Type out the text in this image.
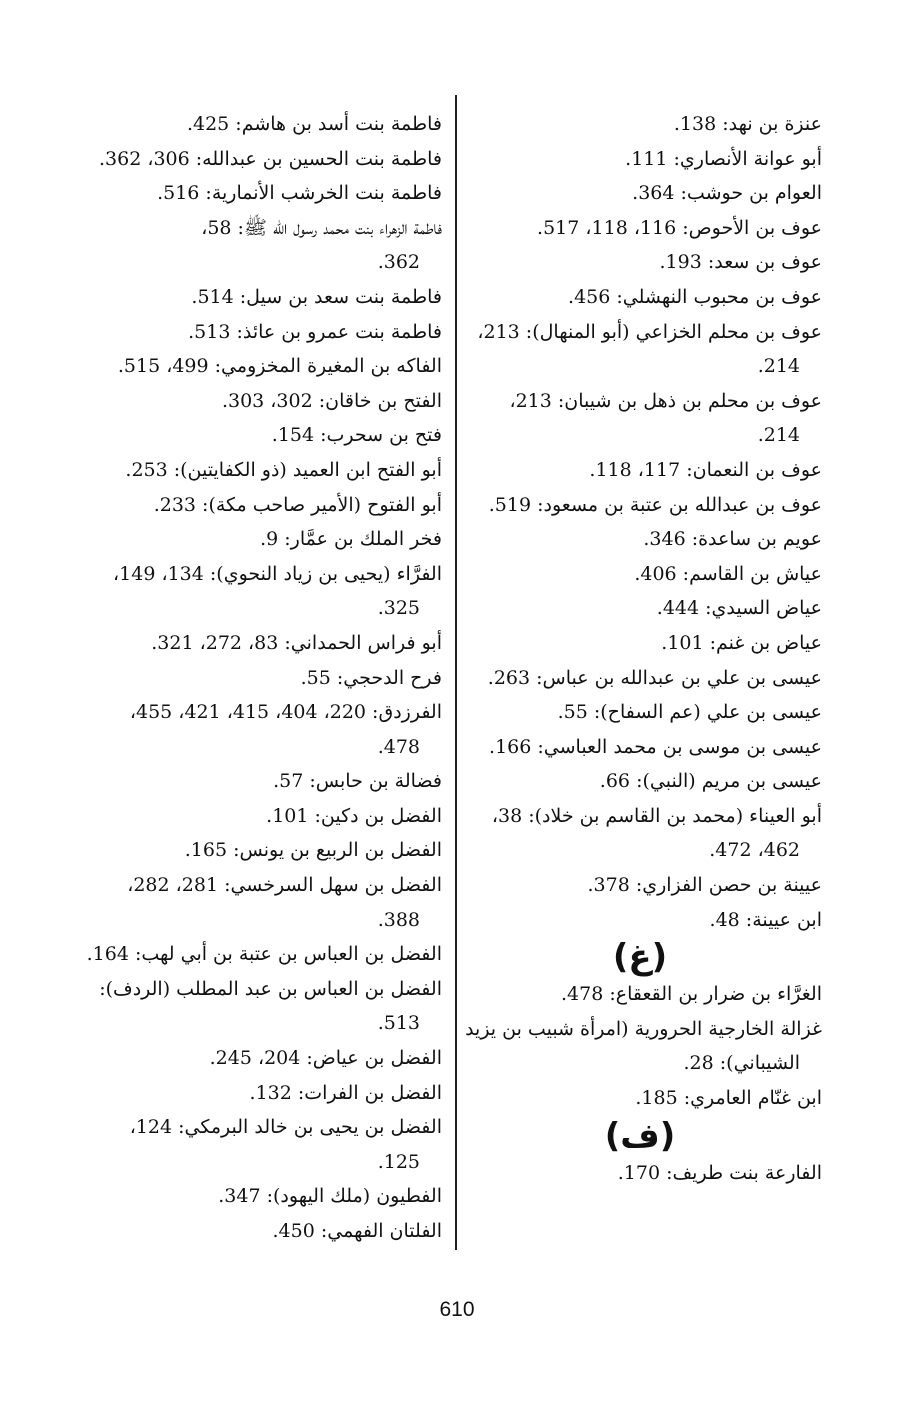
عنزة بن نهد: 138.
أبو عوانة الأنصاري: 111.
العوام بن حوشب: 364.
عوف بن الأحوص: 116، 118، 517.
عوف بن سعد: 193.
عوف بن محبوب النهشلي: 456.
عوف بن محلم الخزاعي (أبو المنهال): 213،
214.
عوف بن محلم بن ذهل بن شيبان: 213،
214.
عوف بن النعمان: 117، 118.
عوف بن عبدالله بن عتبة بن مسعود: 519.
عويم بن ساعدة: 346.
عياش بن القاسم: 406.
عياض السيدي: 444.
عياض بن غنم: 101.
عيسى بن علي بن عبدالله بن عباس: 263.
عيسى بن علي (عم السفاح): 55.
عيسى بن موسى بن محمد العباسي: 166.
عيسى بن مريم (النبي): 66.
أبو العيناء (محمد بن القاسم بن خلاد): 38،
462، 472.
عيينة بن حصن الفزاري: 378.
ابن عيينة: 48.
(غ)
الغرَّاء بن ضرار بن القعقاع: 478.
غزالة الخارجية الحرورية (امرأة شبيب بن يزيد
الشيباني): 28.
ابن غنّام العامري: 185.
(ف)
الفارعة بنت طريف: 170.
فاطمة بنت أسد بن هاشم: 425.
فاطمة بنت الحسين بن عبدالله: 306، 362.
فاطمة بنت الخرشب الأنمارية: 516.
فاطمة الزهراء بنت محمد رسول الله ﷺ: 58،
362.
فاطمة بنت سعد بن سيل: 514.
فاطمة بنت عمرو بن عائذ: 513.
الفاكه بن المغيرة المخزومي: 499، 515.
الفتح بن خاقان: 302، 303.
فتح بن سحرب: 154.
أبو الفتح ابن العميد (ذو الكفايتين): 253.
أبو الفتوح (الأمير صاحب مكة): 233.
فخر الملك بن عمَّار: 9.
الفرَّاء (يحيى بن زياد النحوي): 134، 149،
325.
أبو فراس الحمداني: 83، 272، 321.
فرح الدحجي: 55.
الفرزدق: 220، 404، 415، 421، 455،
478.
فضالة بن حابس: 57.
الفضل بن دكين: 101.
الفضل بن الربيع بن يونس: 165.
الفضل بن سهل السرخسي: 281، 282،
388.
الفضل بن العباس بن عتبة بن أبي لهب: 164.
الفضل بن العباس بن عبد المطلب (الردف):
513.
الفضل بن عياض: 204، 245.
الفضل بن الفرات: 132.
الفضل بن يحيى بن خالد البرمكي: 124،
125.
الفطيون (ملك اليهود): 347.
الفلتان الفهمي: 450.
610
